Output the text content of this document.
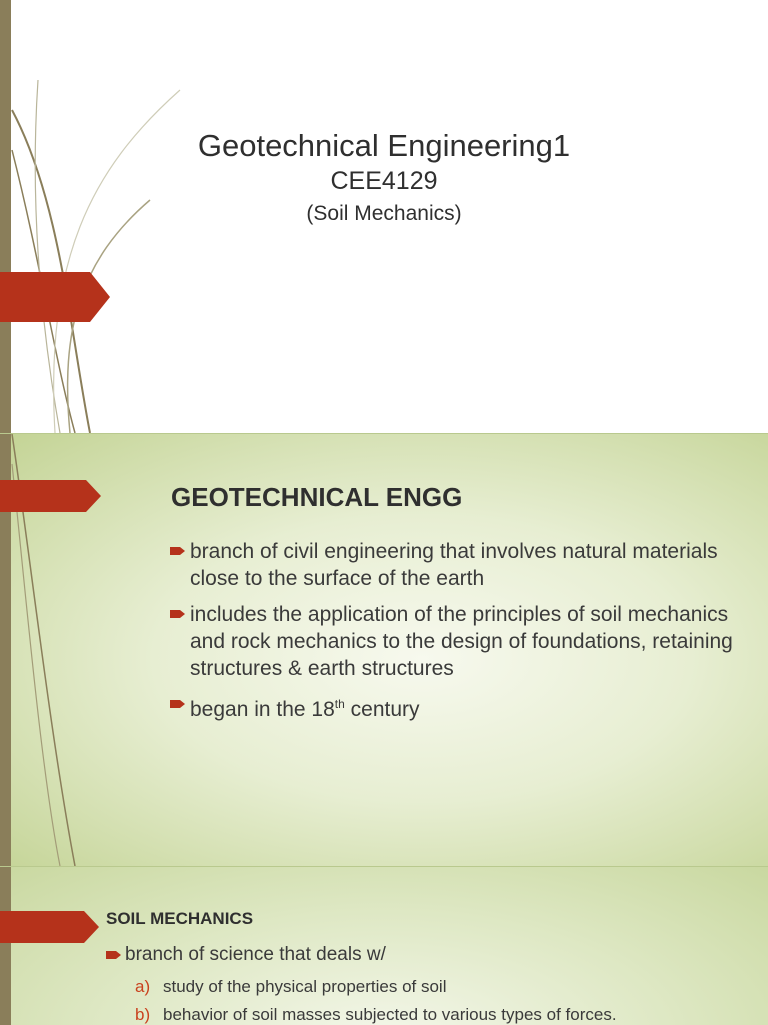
Geotechnical Engineering1
CEE4129
(Soil Mechanics)
GEOTECHNICAL ENGG
branch of civil engineering that involves natural materials close to the surface of the earth
includes the application of the principles of soil mechanics and rock mechanics to the design of foundations, retaining structures & earth structures
began in the 18th century
SOIL MECHANICS
branch of science that deals w/
a) study of the physical properties of soil
b) behavior of soil masses subjected to various types of forces.
